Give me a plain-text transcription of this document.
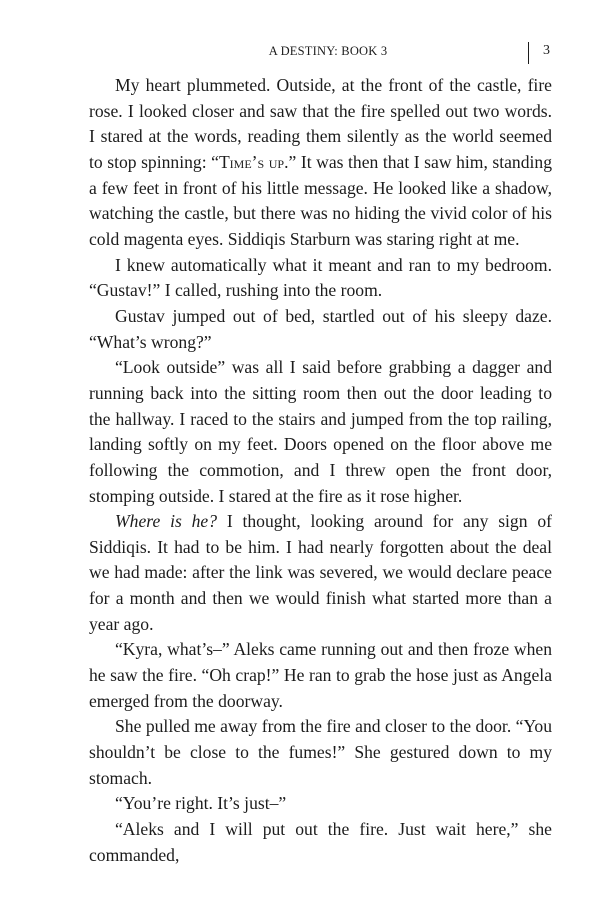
A DESTINY: BOOK 3	3

My heart plummeted. Outside, at the front of the castle, fire rose. I looked closer and saw that the fire spelled out two words. I stared at the words, reading them silently as the world seemed to stop spinning: “Time’s up.” It was then that I saw him, standing a few feet in front of his little message. He looked like a shadow, watching the castle, but there was no hiding the vivid color of his cold magenta eyes. Siddiqis Starburn was staring right at me.

I knew automatically what it meant and ran to my bedroom. “Gustav!” I called, rushing into the room.

Gustav jumped out of bed, startled out of his sleepy daze. “What’s wrong?”

“Look outside” was all I said before grabbing a dagger and running back into the sitting room then out the door leading to the hallway. I raced to the stairs and jumped from the top railing, landing softly on my feet. Doors opened on the floor above me following the commotion, and I threw open the front door, stomping outside. I stared at the fire as it rose higher.

Where is he? I thought, looking around for any sign of Siddiqis. It had to be him. I had nearly forgotten about the deal we had made: after the link was severed, we would declare peace for a month and then we would finish what started more than a year ago.

“Kyra, what’s–” Aleks came running out and then froze when he saw the fire. “Oh crap!” He ran to grab the hose just as Angela emerged from the doorway.

She pulled me away from the fire and closer to the door. “You shouldn’t be close to the fumes!” She gestured down to my stomach.

“You’re right. It’s just–”

“Aleks and I will put out the fire. Just wait here,” she commanded,
